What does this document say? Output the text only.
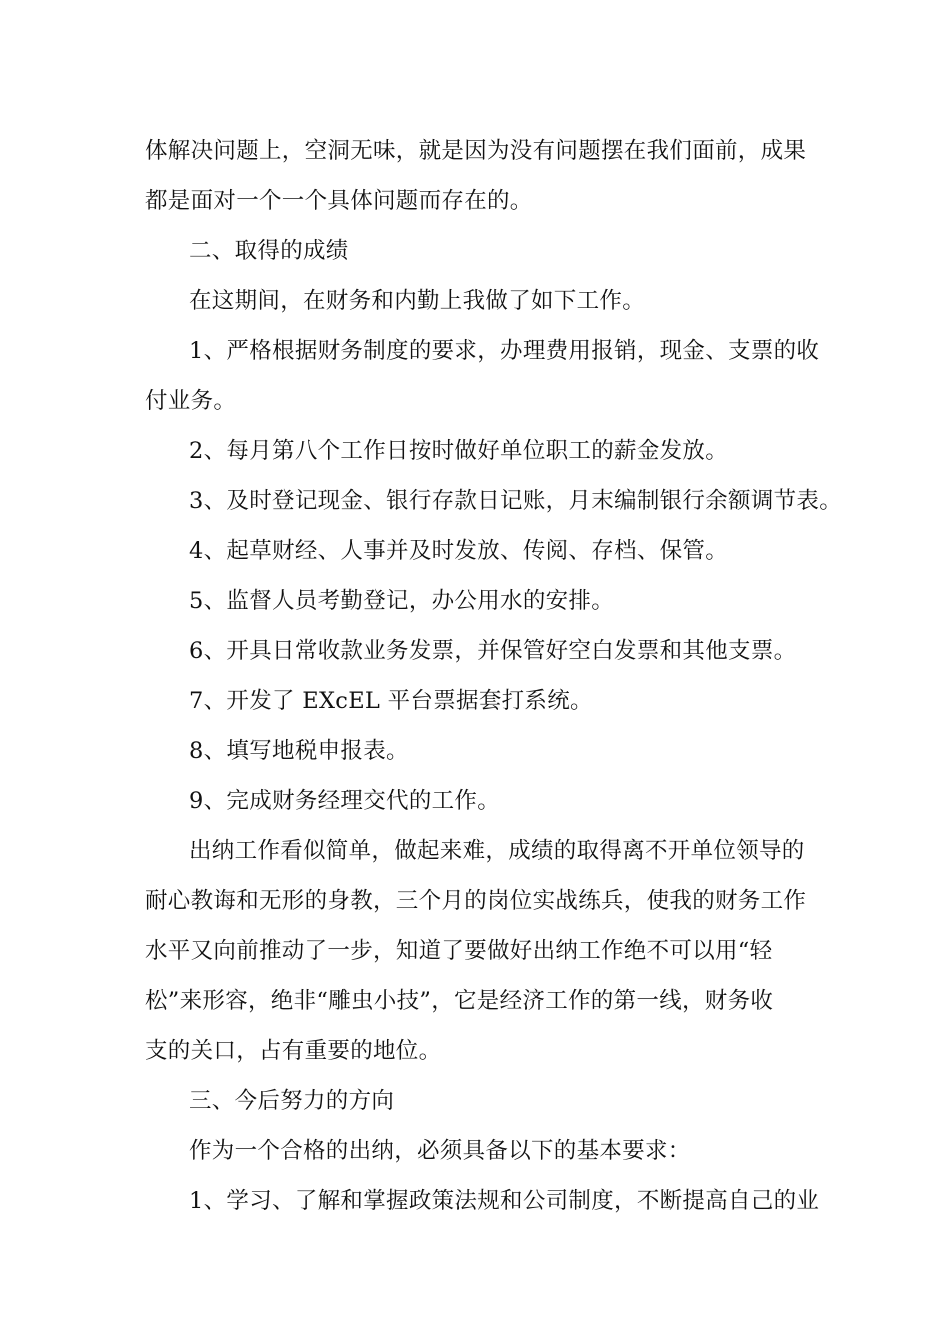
体解决问题上，空洞无味，就是因为没有问题摆在我们面前，成果
都是面对一个一个具体问题而存在的。
二、取得的成绩
在这期间，在财务和内勤上我做了如下工作。
1、严格根据财务制度的要求，办理费用报销，现金、支票的收
付业务。
2、每月第八个工作日按时做好单位职工的薪金发放。
3、及时登记现金、银行存款日记账，月末编制银行余额调节表。
4、起草财经、人事并及时发放、传阅、存档、保管。
5、监督人员考勤登记，办公用水的安排。
6、开具日常收款业务发票，并保管好空白发票和其他支票。
7、开发了 EXcEL 平台票据套打系统。
8、填写地税申报表。
9、完成财务经理交代的工作。
出纳工作看似简单，做起来难，成绩的取得离不开单位领导的
耐心教诲和无形的身教，三个月的岗位实战练兵，使我的财务工作
水平又向前推动了一步，知道了要做好出纳工作绝不可以用“轻
松”来形容，绝非“雕虫小技”，它是经济工作的第一线，财务收
支的关口，占有重要的地位。
三、今后努力的方向
作为一个合格的出纳，必须具备以下的基本要求：
1、学习、了解和掌握政策法规和公司制度，不断提高自己的业
